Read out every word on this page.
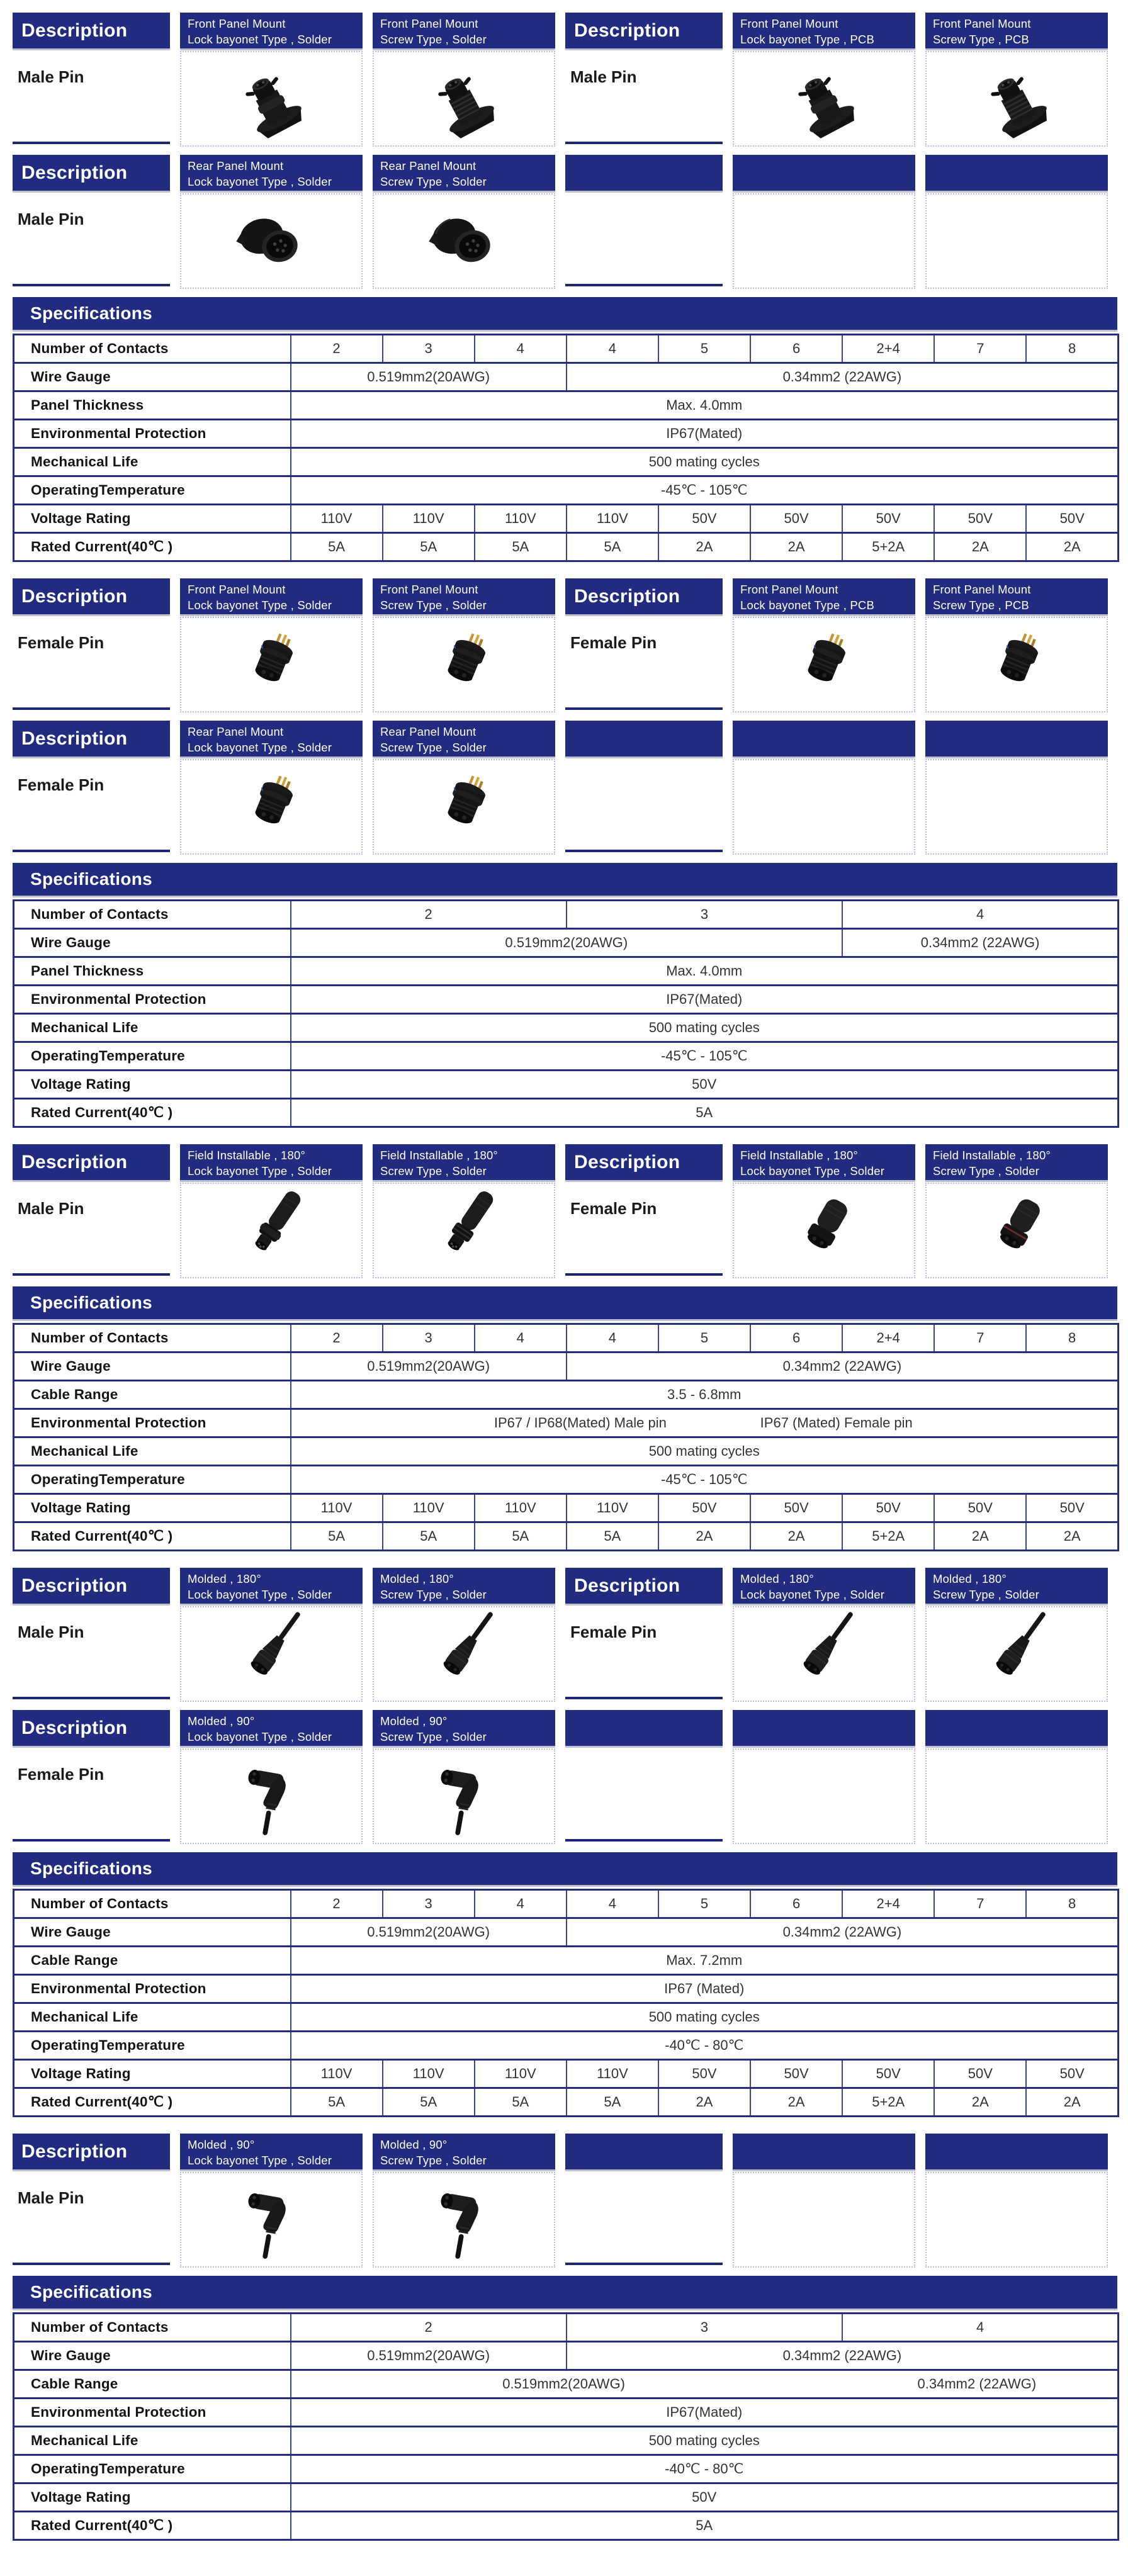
Description
Male Pin
Front Panel Mount
Lock bayonet Type , Solder
Front Panel Mount
Screw Type , Solder	Description
Male Pin
Front Panel Mount
Lock bayonet Type , PCB
Front Panel Mount
Screw Type , PCB
Description
Male Pin
Rear Panel Mount
Lock bayonet Type , Solder
Rear Panel Mount
Screw Type , Solder
Specifications
Number of Contacts	2	3	4	4	5	6	2+4	7	8
Wire Gauge	0.519mm2(20AWG)			0.34mm2 (22AWG)					
Panel Thickness	Max. 4.0mm								
Environmental Protection	IP67(Mated)								
Mechanical Life	500 mating cycles								
OperatingTemperature	-45℃ - 105℃								
Voltage Rating	110V	110V	110V	110V	50V	50V	50V	50V	50V
Rated Current(40℃ )	5A	5A	5A	5A	2A	2A	5+2A	2A	2A
Description
Female Pin
Front Panel Mount
Lock bayonet Type , Solder
Front Panel Mount
Screw Type , Solder	Description
Female Pin
Front Panel Mount
Lock bayonet Type , PCB
Front Panel Mount
Screw Type , PCB
Description
Female Pin
Rear Panel Mount
Lock bayonet Type , Solder
Rear Panel Mount
Screw Type , Solder
Specifications
Number of Contacts	2	3	4
Wire Gauge	0.519mm2(20AWG)		0.34mm2 (22AWG)
Panel Thickness	Max. 4.0mm		
Environmental Protection	IP67(Mated)		
Mechanical Life	500 mating cycles		
OperatingTemperature	-45℃ - 105℃		
Voltage Rating	50V		
Rated Current(40℃ )	5A		
Description
Male Pin
Field Installable , 180°
Lock bayonet Type , Solder
Field Installable , 180°
Screw Type , Solder	Description
Female Pin
Field Installable , 180°
Lock bayonet Type , Solder
Field Installable , 180°
Screw Type , Solder
Specifications
Number of Contacts	2	3	4	4	5	6	2+4	7	8
Wire Gauge	0.519mm2(20AWG)			0.34mm2 (22AWG)					
Cable Range	3.5 - 6.8mm								
Environmental Protection	IP67 / IP68(Mated) Male pin IP67 (Mated) Female pin								

Mechanical Life	500 mating cycles								
OperatingTemperature	-45℃ - 105℃								
Voltage Rating	110V	110V	110V	110V	50V	50V	50V	50V	50V
Rated Current(40℃ )	5A	5A	5A	5A	2A	2A	5+2A	2A	2A
Description
Male Pin
Molded , 180°
Lock bayonet Type , Solder
Molded , 180°
Screw Type , Solder	Description
Female Pin
Molded , 180°
Lock bayonet Type , Solder
Molded , 180°
Screw Type , Solder
Description
Female Pin
Molded , 90°
Lock bayonet Type , Solder
Molded , 90°
Screw Type , Solder
Specifications
Number of Contacts	2	3	4	4	5	6	2+4	7	8
Wire Gauge	0.519mm2(20AWG)			0.34mm2 (22AWG)					
Cable Range	Max. 7.2mm								
Environmental Protection	IP67 (Mated)								
Mechanical Life	500 mating cycles								
OperatingTemperature	-40℃ - 80℃								
Voltage Rating	110V	110V	110V	110V	50V	50V	50V	50V	50V
Rated Current(40℃ )	5A	5A	5A	5A	2A	2A	5+2A	2A	2A
Description
Male Pin
Molded , 90°
Lock bayonet Type , Solder
Molded , 90°
Screw Type , Solder
Specifications
Number of Contacts	2	3	4
Wire Gauge	0.519mm2(20AWG)	0.34mm2 (22AWG)	
Cable Range	0.519mm2(20AWG) 0.34mm2 (22AWG)		

Environmental Protection	IP67(Mated)		
Mechanical Life	500 mating cycles		
OperatingTemperature	-40℃ - 80℃		
Voltage Rating	50V		
Rated Current(40℃ )	5A		
